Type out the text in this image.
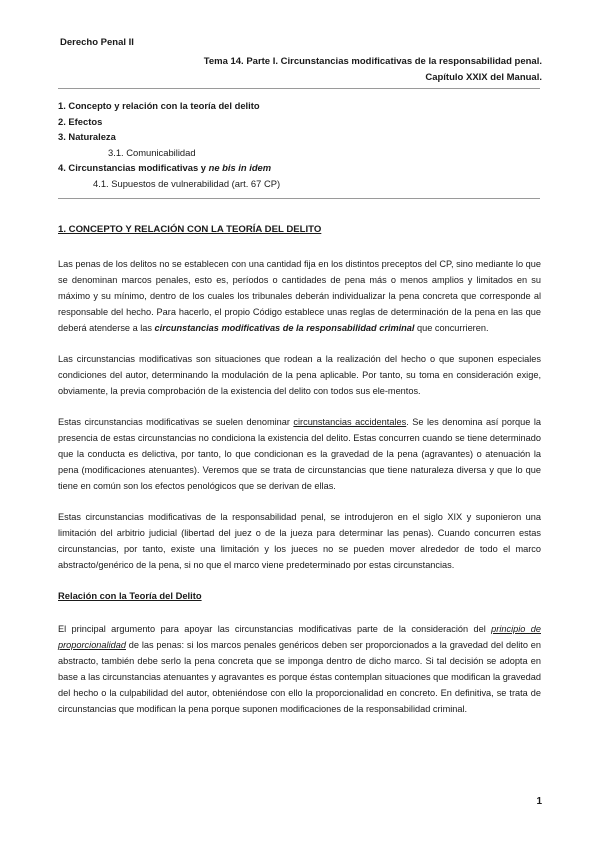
Derecho Penal II
Tema 14. Parte I. Circunstancias modificativas de la responsabilidad penal.
Capítulo XXIX del Manual.
1. Concepto y relación con la teoría del delito
2. Efectos
3. Naturaleza
3.1. Comunicabilidad
4. Circunstancias modificativas y ne bis in idem
4.1. Supuestos de vulnerabilidad (art. 67 CP)
1. CONCEPTO Y RELACIÓN CON LA TEORÍA DEL DELITO

Las penas de los delitos no se establecen con una cantidad fija en los distintos preceptos del CP, sino mediante lo que se denominan marcos penales, esto es, períodos o cantidades de pena más o menos amplios y limitados en su máximo y su mínimo, dentro de los cuales los tribunales deberán individualizar la pena concreta que corresponde al responsable del hecho. Para hacerlo, el propio Código establece unas reglas de determinación de la pena en las que deberá atenderse a las circunstancias modificativas de la responsabilidad criminal que concurrieren.

Las circunstancias modificativas son situaciones que rodean a la realización del hecho o que suponen especiales condiciones del autor, determinando la modulación de la pena aplicable. Por tanto, su toma en consideración exige, obviamente, la previa comprobación de la existencia del delito con todos sus ele-mentos.

Estas circunstancias modificativas se suelen denominar circunstancias accidentales. Se les denomina así porque la presencia de estas circunstancias no condiciona la existencia del delito. Estas concurren cuando se tiene determinado que la conducta es delictiva, por tanto, lo que condicionan es la gravedad de la pena (agravantes) o atenuación la pena (modificaciones atenuantes). Veremos que se trata de circunstancias que tiene naturaleza diversa y que lo que tiene en común son los efectos penológicos que se derivan de ellas.

Estas circunstancias modificativas de la responsabilidad penal, se introdujeron en el siglo XIX y suponieron una limitación del arbitrio judicial (libertad del juez o de la jueza para determinar las penas). Cuando concurren estas circunstancias, por tanto, existe una limitación y los jueces no se pueden mover alrededor de todo el marco abstracto/genérico de la pena, si no que el marco viene predeterminado por estas circunstancias.

Relación con la Teoría del Delito

El principal argumento para apoyar las circunstancias modificativas parte de la consideración del principio de proporcionalidad de las penas: si los marcos penales genéricos deben ser proporcionados a la gravedad del delito en abstracto, también debe serlo la pena concreta que se imponga dentro de dicho marco. Si tal decisión se adopta en base a las circunstancias atenuantes y agravantes es porque éstas contemplan situaciones que modifican la gravedad del hecho o la culpabilidad del autor, obteniéndose con ello la proporcionalidad en concreto. En definitiva, se trata de circunstancias que modifican la pena porque suponen modificaciones de la responsabilidad criminal.

1
